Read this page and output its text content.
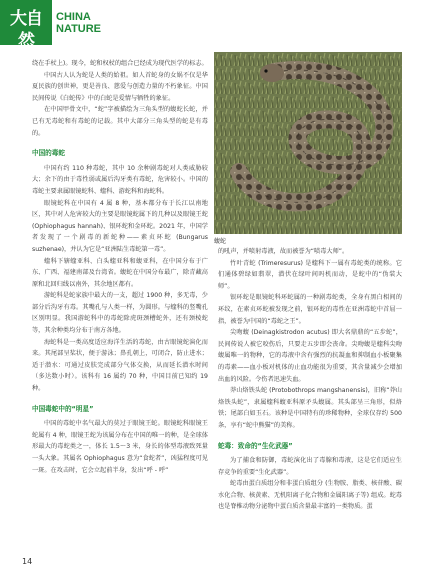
大自然
CHINA
NATURE

绕在手杖上)。现今，蛇和权杖的组合已经成为现代医学的标志。

中国古人认为蛇是人类的始祖。如人首蛇身的女娲不仅是华夏民族的创世神，更是善良、慈爱与创造力量的不朽象征。中国民间传说《白蛇传》中的白蛇是爱情与牺牲的象征。

在中国甲骨文中，“蛇”字被描绘为三角头型的蝮蛇长蛇，并已有无毒蛇和有毒蛇的记载。其中大部分三角头型的蛇是有毒的。

中国的毒蛇

中国有约 110 种毒蛇，其中 10 余种剧毒蛇对人类威胁较大；余下的由于毒性弱或属后沟牙类有毒蛇，危害较小。中国的毒蛇主要隶属眼镜蛇科、蝰科、游蛇科和海蛇科。

眼镜蛇科在中国有 4 属 8 种，基本都分布于长江以南地区，其中对人危害较大的主要是眼镜蛇属下的几种以及眼镜王蛇(Ophiophagus hannah)、银环蛇和金环蛇。2021 年，中国学者发现了一个剧毒的新蛇种——素贞环蛇 (Bungarus suzhenae)，并认为它是“亚洲陆生毒蛇第一毒”。

蝰科下辖蝰亚科、白头蝰亚科和蝮亚科，在中国分布于广东、广西、福建南部及台湾省。蝮蛇在中国分布最广，除青藏高原和北回归线以南外，其余地区都有。

游蛇科是蛇家族中最大的一支，超过 1900 种，多无毒，少部分后沟牙有毒。其嘴孔与人类一样，为圆形。与蝰科的竖嘴孔区别明显。我国游蛇科中的毒蛇除虎斑颈槽蛇外，还有颈棱蛇等，其余种类均分布于南方各地。

海蛇科是一类高度适应海洋生活的毒蛇，由古眼镜蛇演化而来。其尾部呈桨状，便于游泳；鼻孔朝上，可闭合，防止进水；适于潜水：可通过皮肤完成部分气体交换，从而延长潜水时间（多达数小时）。该科有 16 属约 70 种，中国目前已知约 19 种。

中国毒蛇中的“明星”

中国的毒蛇中名气最大的莫过于眼镜王蛇。眼镜蛇科眼镜王蛇属有 4 种，眼镜王蛇为该属分布在中国的唯一的种，是全球体形最大的毒蛇类之一，体长 1.5～3 米，身长的体型毒液致死量一头大象。其属名 Ophiophagus 意为“食蛇者”，凶猛程度可见一斑。在攻击时，它会立起前半身，发出“呼 - 呼”

蝮蛇

的吼声，并喷射毒液，故而被誉为“喷毒大师”。

竹叶青蛇 (Trimeresurus) 是蝰科下一属有毒蛇类的统称。它们通体碧绿如翡翠，潜伏在绿叶间吗机而动，是蛇中的“伪装大师”。

银环蛇是眼镜蛇科环蛇属的一种剧毒蛇类，全身有黑白相间的环纹，在素贞环蛇被发现之前，银环蛇的毒性在亚洲毒蛇中首屈一指，被誉为中国的“毒蛇之王”。

尖吻蝮 (Deinagkistrodon acutus) 即大名鼎鼎的“五步蛇”，民间传说人被它咬伤后，只要走五步即会丧命。尖吻蝮是蝰科尖吻蝮属唯一的物种，它的毒液中含有强烈的抗凝血和抑制血小板聚集的毒素——血小板对机体的止血功能很为重要，其含量减少会增加出血的风险。令伤者迅速失血。

莽山烙铁头蛇 (Protobothrops mangshanensis)，旧称“莽山烙铁头蛇”，隶属蝰科蝮亚科原矛头蝮属。其头部呈三角形，似烙铁；尾部白如玉石。该种是中国特有的珍稀物种，全球仅存约 500 条，享有“蛇中熊猫”的美称。

蛇毒：致命的“生化武器”

为了捕食和防御，毒蛇演化出了毒腺和毒液，这是它们适应生存竞争的重要“生化武器”。

蛇毒由蛋白质组分和非蛋白质组分 (生物胺、脂类、核苷酸、碳水化合物、核黄素、无机阳离子化合物和金属阳离子等) 组成。蛇毒也是脊椎动物分泌物中蛋白质含量最丰富的一类物质。蛋

14
